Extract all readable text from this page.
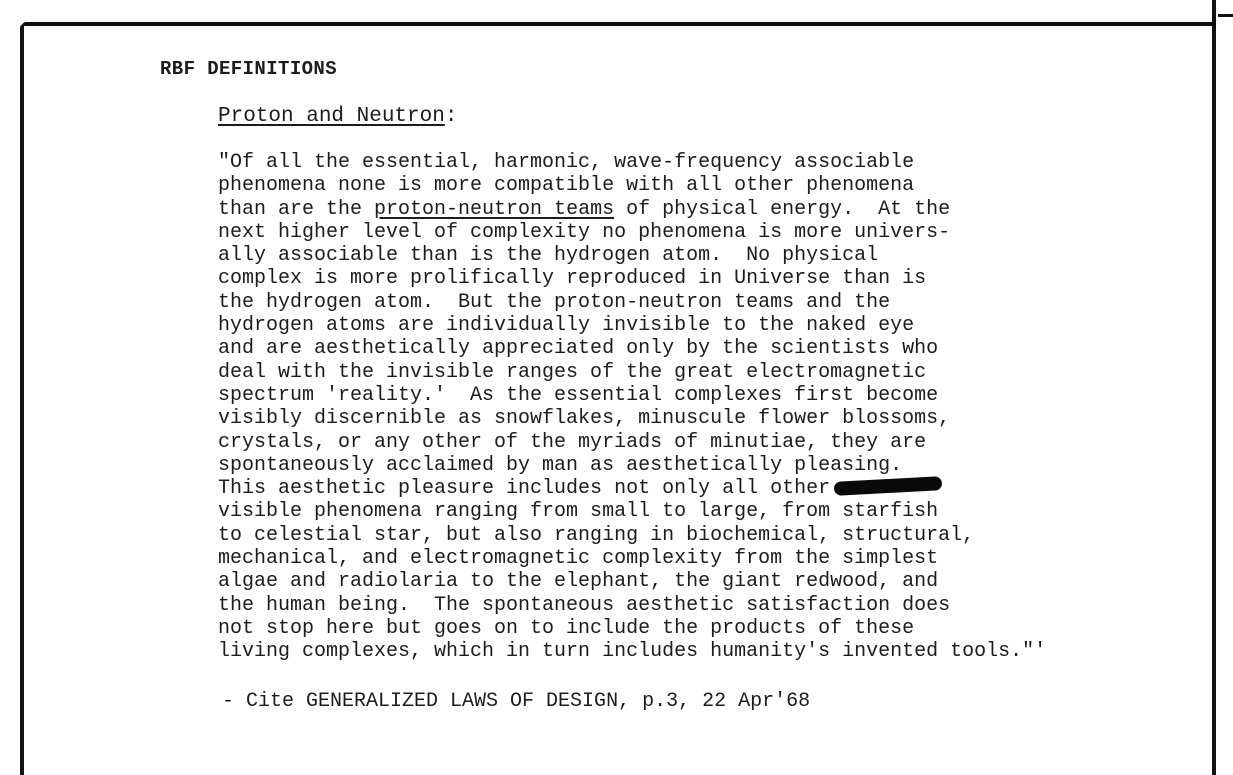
RBF DEFINITIONS
Proton and Neutron:
"Of all the essential, harmonic, wave-frequency associable
phenomena none is more compatible with all other phenomena
than are the proton-neutron teams of physical energy.  At the
next higher level of complexity no phenomena is more univers-
ally associable than is the hydrogen atom.  No physical
complex is more prolifically reproduced in Universe than is
the hydrogen atom.  But the proton-neutron teams and the
hydrogen atoms are individually invisible to the naked eye
and are aesthetically appreciated only by the scientists who
deal with the invisible ranges of the great electromagnetic
spectrum 'reality.'  As the essential complexes first become
visibly discernible as snowflakes, minuscule flower blossoms,
crystals, or any other of the myriads of minutiae, they are
spontaneously acclaimed by man as aesthetically pleasing.
This aesthetic pleasure includes not only all other
visible phenomena ranging from small to large, from starfish
to celestial star, but also ranging in biochemical, structural,
mechanical, and electromagnetic complexity from the simplest
algae and radiolaria to the elephant, the giant redwood, and
the human being.  The spontaneous aesthetic satisfaction does
not stop here but goes on to include the products of these
living complexes, which in turn includes humanity's invented tools."'
- Cite GENERALIZED LAWS OF DESIGN, p.3, 22 Apr'68
